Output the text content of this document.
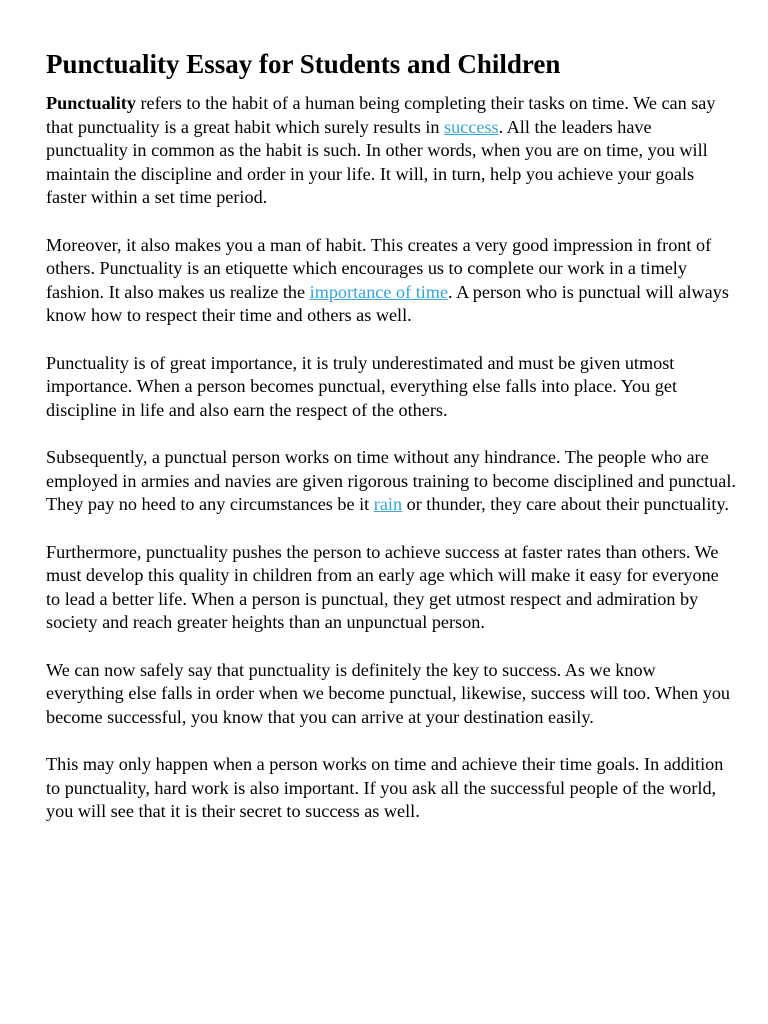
Punctuality Essay for Students and Children

Punctuality refers to the habit of a human being completing their tasks on time. We can say that punctuality is a great habit which surely results in success. All the leaders have punctuality in common as the habit is such. In other words, when you are on time, you will maintain the discipline and order in your life. It will, in turn, help you achieve your goals faster within a set time period.

Moreover, it also makes you a man of habit. This creates a very good impression in front of others. Punctuality is an etiquette which encourages us to complete our work in a timely fashion. It also makes us realize the importance of time. A person who is punctual will always know how to respect their time and others as well.

Punctuality is of great importance, it is truly underestimated and must be given utmost importance. When a person becomes punctual, everything else falls into place. You get discipline in life and also earn the respect of the others.

Subsequently, a punctual person works on time without any hindrance. The people who are employed in armies and navies are given rigorous training to become disciplined and punctual. They pay no heed to any circumstances be it rain or thunder, they care about their punctuality.

Furthermore, punctuality pushes the person to achieve success at faster rates than others. We must develop this quality in children from an early age which will make it easy for everyone to lead a better life. When a person is punctual, they get utmost respect and admiration by society and reach greater heights than an unpunctual person.

We can now safely say that punctuality is definitely the key to success. As we know everything else falls in order when we become punctual, likewise, success will too. When you become successful, you know that you can arrive at your destination easily.

This may only happen when a person works on time and achieve their time goals. In addition to punctuality, hard work is also important. If you ask all the successful people of the world, you will see that it is their secret to success as well.
